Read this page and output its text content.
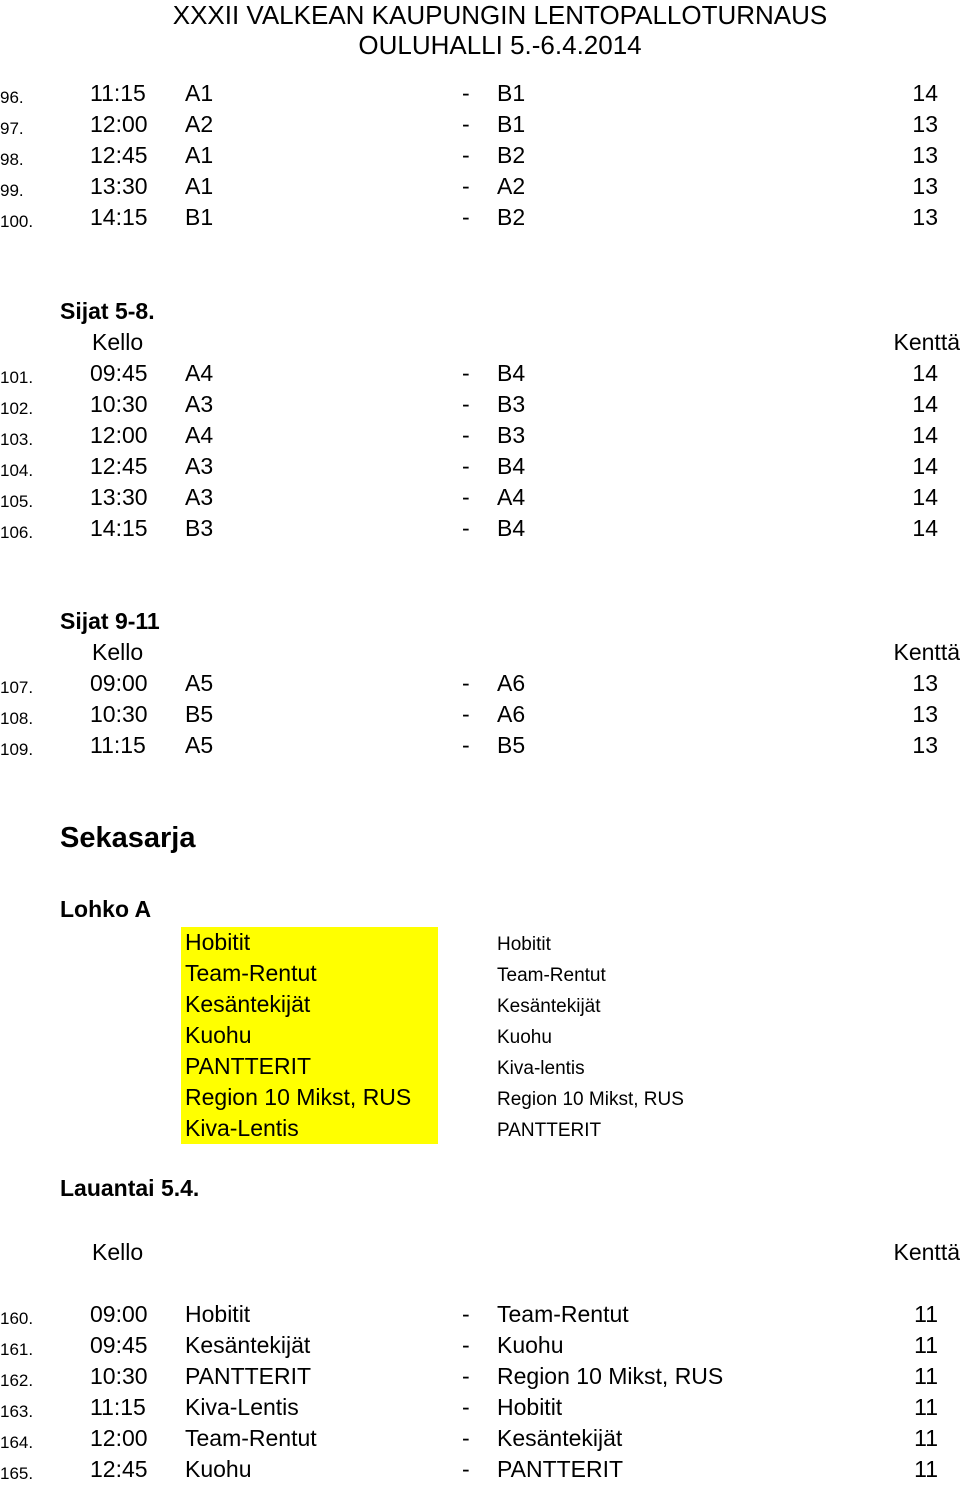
XXXII VALKEAN KAUPUNGIN LENTOPALLOTURNAUS
OULUHALLI 5.-6.4.2014
96.	11:15 A1	- B1	14
97.	12:00 A2	- B1	13
98.	12:45 A1	- B2	13
99.	13:30 A1	- A2	13
100. 14:15 B1	- B2	13
Sijat 5-8.
Kello	Kenttä
101. 09:45 A4	- B4	14
102. 10:30 A3	- B3	14
103. 12:00 A4	- B3	14
104. 12:45 A3	- B4	14
105. 13:30 A3	- A4	14
106. 14:15 B3	- B4	14
Sijat 9-11
Kello	Kenttä
107. 09:00 A5	- A6	13
108. 10:30 B5	- A6	13
109. 11:15 A5	- B5	13
Sekasarja
Lohko A
Hobitit
Team-Rentut
Kesäntekijät
Kuohu
PANTTERIT
Region 10 Mikst, RUS
Kiva-Lentis
Hobitit
Team-Rentut
Kesäntekijät
Kuohu
Kiva-lentis
Region 10 Mikst, RUS
PANTTERIT
Lauantai 5.4.
Kello	Kenttä
160. 09:00 Hobitit	- Team-Rentut	11
161. 09:45 Kesäntekijät	- Kuohu	11
162. 10:30 PANTTERIT	- Region 10 Mikst, RUS	11
163. 11:15 Kiva-Lentis	- Hobitit	11
164. 12:00 Team-Rentut	- Kesäntekijät	11
165. 12:45 Kuohu	- PANTTERIT	11
